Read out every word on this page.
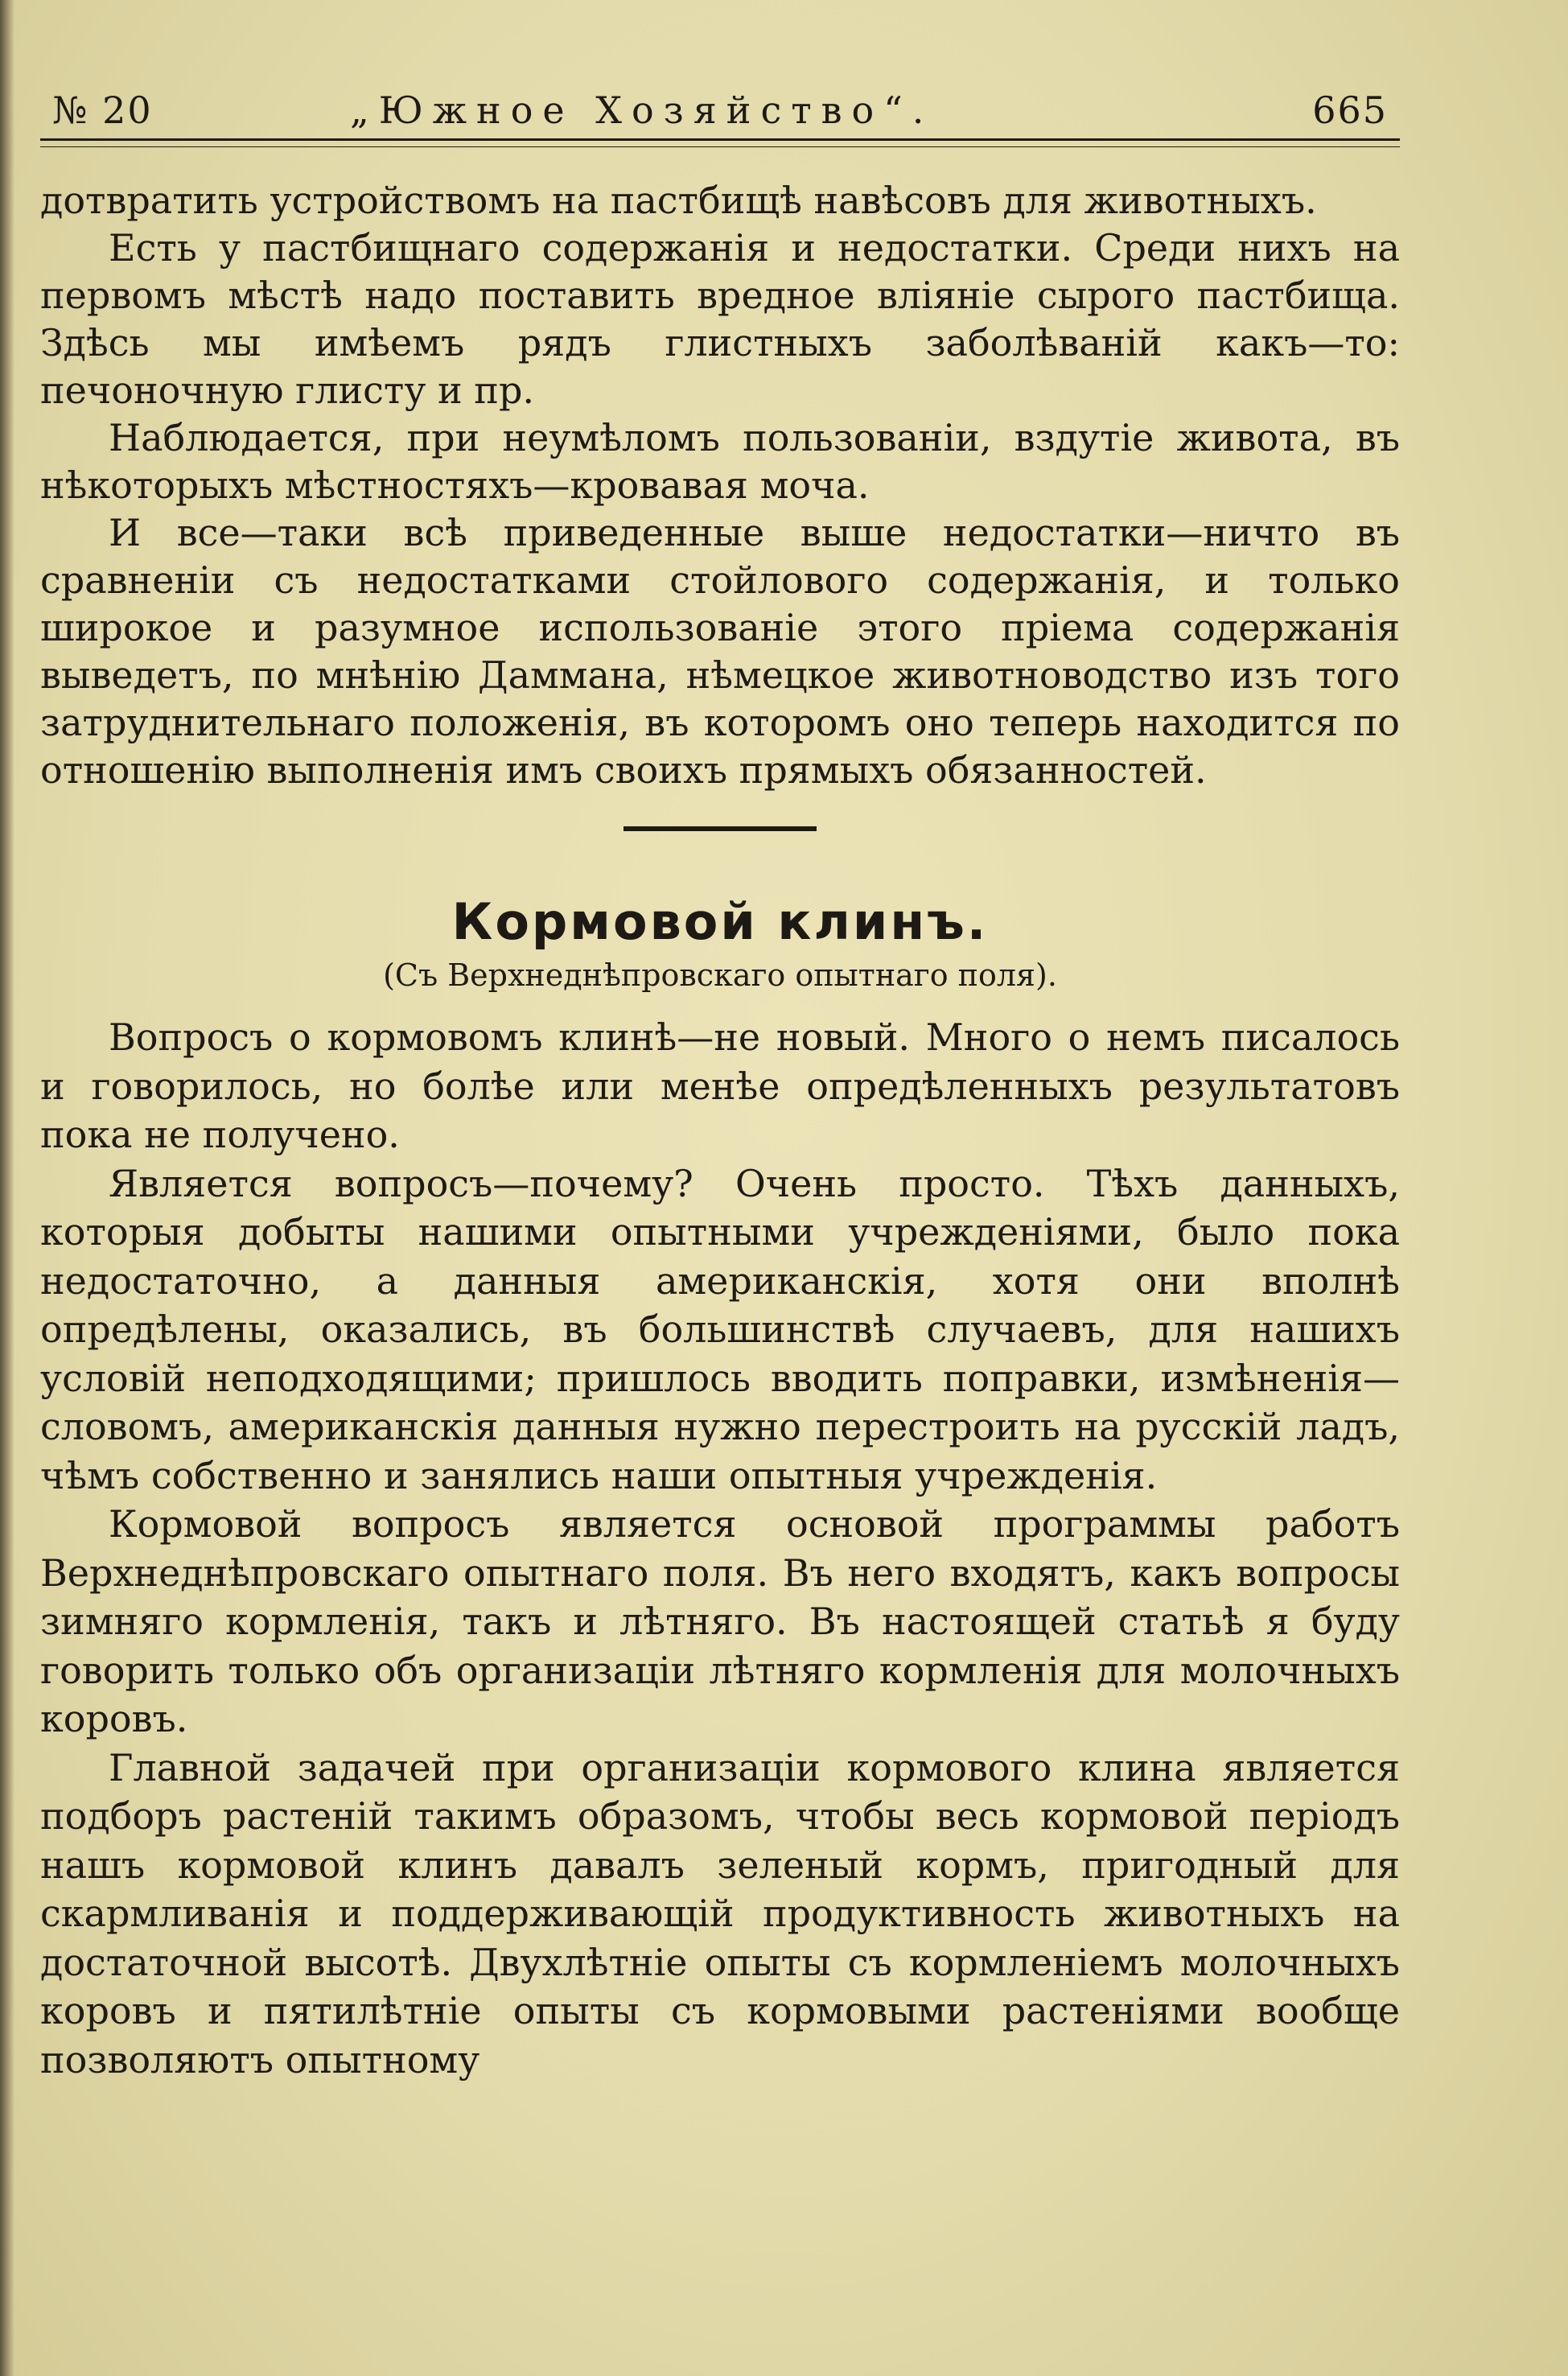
№ 20	„Южное Хозяйство“.	665

дотвратить устройствомъ на пастбищѣ навѣсовъ для животныхъ.

Есть у пастбищнаго содержанія и недостатки. Среди нихъ на первомъ мѣстѣ надо поставить вредное вліяніе сырого пастбища. Здѣсь мы имѣемъ рядъ глистныхъ заболѣваній какъ—то: печоночную глисту и пр.

Наблюдается, при неумѣломъ пользованіи, вздутіе живота, въ нѣкоторыхъ мѣстностяхъ—кровавая моча.

И все—таки всѣ приведенные выше недостатки—ничто въ сравненіи съ недостатками стойлового содержанія, и только широкое и разумное использованіе этого пріема содержанія выведетъ, по мнѣнію Даммана, нѣмецкое животноводство изъ того затруднительнаго положенія, въ которомъ оно теперь находится по отношенію выполненія имъ своихъ прямыхъ обязанностей.

Кормовой клинъ.
(Съ Верхнеднѣпровскаго опытнаго поля).

Вопросъ о кормовомъ клинѣ—не новый. Много о немъ писалось и говорилось, но болѣе или менѣе опредѣленныхъ результатовъ пока не получено.

Является вопросъ—почему? Очень просто. Тѣхъ данныхъ, которыя добыты нашими опытными учрежденіями, было пока недостаточно, а данныя американскія, хотя они вполнѣ опредѣлены, оказались, въ большинствѣ случаевъ, для нашихъ условій неподходящими; пришлось вводить поправки, измѣненія—словомъ, американскія данныя нужно перестроить на русскій ладъ, чѣмъ собственно и занялись наши опытныя учрежденія.

Кормовой вопросъ является основой программы работъ Верхнеднѣпровскаго опытнаго поля. Въ него входятъ, какъ вопросы зимняго кормленія, такъ и лѣтняго. Въ настоящей статьѣ я буду говорить только объ организаціи лѣтняго кормленія для молочныхъ коровъ.

Главной задачей при организаціи кормового клина является подборъ растеній такимъ образомъ, чтобы весь кормовой періодъ нашъ кормовой клинъ давалъ зеленый кормъ, пригодный для скармливанія и поддерживающій продуктивность животныхъ на достаточной высотѣ. Двухлѣтніе опыты съ кормленіемъ молочныхъ коровъ и пятилѣтніе опыты съ кормовыми растеніями вообще позволяютъ опытному
